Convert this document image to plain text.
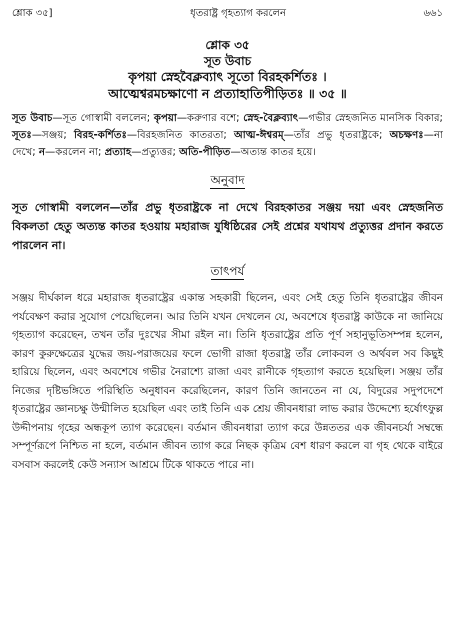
শ্লোক ৩৫]	ধৃতরাষ্ট্র গৃহত্যাগ করলেন	৬৬১
শ্লোক ৩৫
সূত উবাচ
কৃপয়া স্নেহবৈক্লব্যাৎ সূতো বিরহকর্শিতঃ ।
আত্মেশ্বরমচক্ষাণো ন প্রত্যাহাতিপীড়িতঃ ॥ ৩৫ ॥
সূত উবাচ—সূত গোস্বামী বললেন; কৃপয়া—করুণার বশে; স্নেহ-বৈক্লব্যাৎ—গভীর স্নেহজনিত মানসিক বিকার; সূতঃ—সঞ্জয়; বিরহ-কর্শিতঃ—বিরহজনিত কাতরতা; আত্ম-ঈশ্বরম্—তাঁর প্রভু ধৃতরাষ্ট্রকে; অচক্ষণঃ—না দেখে; ন—করলেন না; প্রত্যাহ—প্রত্যুত্তর; অতি-পীড়িত—অত্যন্ত কাতর হয়ে।
অনুবাদ
সূত গোস্বামী বললেন—তাঁর প্রভু ধৃতরাষ্ট্রকে না দেখে বিরহকাতর সঞ্জয় দয়া এবং স্নেহজনিত বিকলতা হেতু অত্যন্ত কাতর হওয়ায় মহারাজ যুধিষ্ঠিরের সেই প্রশ্নের যথাযথ প্রত্যুত্তর প্রদান করতে পারলেন না।
তাৎপর্য
সঞ্জয় দীর্ঘকাল ধরে মহারাজ ধৃতরাষ্ট্রের একান্ত সহকারী ছিলেন, এবং সেই হেতু তিনি ধৃতরাষ্ট্রের জীবন পর্যবেক্ষণ করার সুযোগ পেয়েছিলেন। আর তিনি যখন দেখলেন যে, অবশেষে ধৃতরাষ্ট্র কাউকে না জানিয়ে গৃহত্যাগ করেছেন, তখন তাঁর দুঃখের সীমা রইল না। তিনি ধৃতরাষ্ট্রের প্রতি পূর্ণ সহানুভূতিসম্পন্ন হলেন, কারণ কুরুক্ষেত্রের যুদ্ধের জয়-পরাজয়ের ফলে ভোগী রাজা ধৃতরাষ্ট্র তাঁর লোকবল ও অর্থবল সব কিছুই হারিয়ে ছিলেন, এবং অবশেষে গভীর নৈরাশ্যে রাজা এবং রানীকে গৃহত্যাগ করতে হয়েছিল। সঞ্জয় তাঁর নিজের দৃষ্টিভঙ্গিতে পরিস্থিতি অনুধাবন করেছিলেন, কারণ তিনি জানতেন না যে, বিদুরের সদুপদেশে ধৃতরাষ্ট্রের জ্ঞানচক্ষু উন্মীলিত হয়েছিল এবং তাই তিনি এক শ্রেয় জীবনধারা লাভ করার উদ্দেশ্যে হর্ষোৎফুল্ল উদ্দীপনায় গৃহের অন্ধকূপ ত্যাগ করেছেন। বর্তমান জীবনধারা ত্যাগ করে উন্নততর এক জীবনচর্যা সম্বন্ধে সম্পূর্ণরূপে নিশ্চিত না হলে, বর্তমান জীবন ত্যাগ করে নিছক কৃত্রিম বেশ ধারণ করলে বা গৃহ থেকে বাইরে বসবাস করলেই কেউ সন্যাস আশ্রমে টিকে থাকতে পারে না।
